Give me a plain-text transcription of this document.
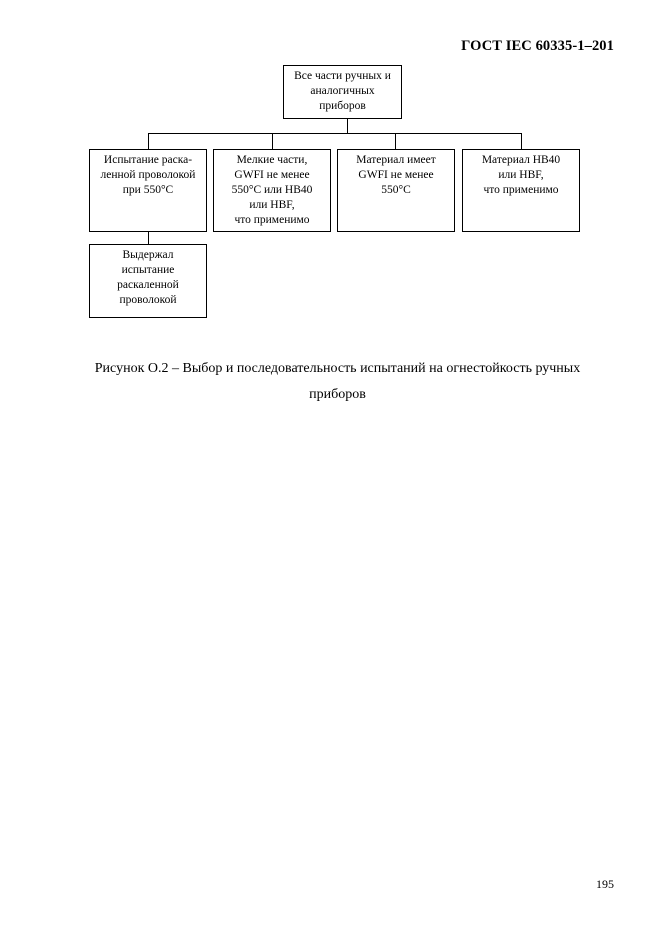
ГОСТ IEC 60335-1–201
Все части ручных и
аналогичных
приборов
Испытание раска-
ленной проволокой
при 550°С
Мелкие части,
GWFI не менее
550°С или НВ40
или НВF,
что применимо
Материал имеет
GWFI не менее
550°С
Материал НВ40
или НВF,
что применимо
Выдержал
испытание
раскаленной
проволокой
Рисунок О.2 – Выбор и последовательность испытаний на огнестойкость ручных
приборов
195
